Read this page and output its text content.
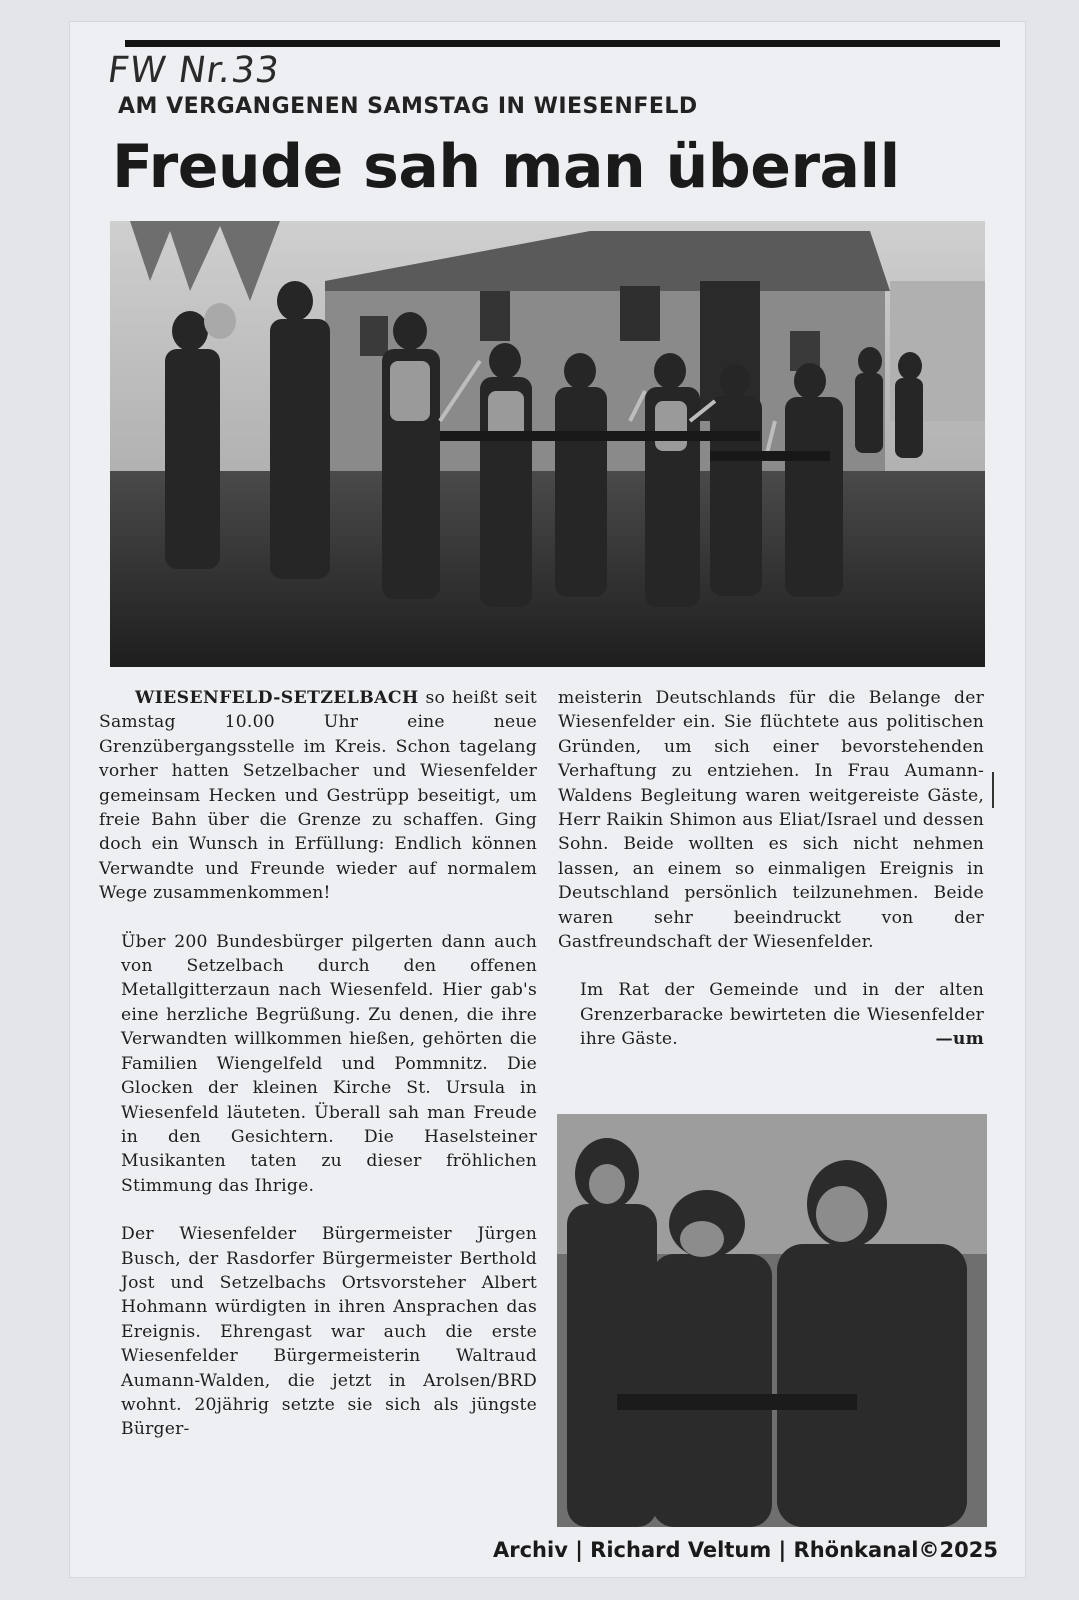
FW Nr.33
AM VERGANGENEN SAMSTAG IN WIESENFELD
Freude sah man überall

WIESENFELD-SETZELBACH so heißt seit Samstag 10.00 Uhr eine neue Grenzübergangsstelle im Kreis. Schon tagelang vorher hatten Setzelbacher und Wiesenfelder gemeinsam Hecken und Gestrüpp beseitigt, um freie Bahn über die Grenze zu schaffen. Ging doch ein Wunsch in Erfüllung: Endlich können Verwandte und Freunde wieder auf normalem Wege zusammenkommen!

Über 200 Bundesbürger pilgerten dann auch von Setzelbach durch den offenen Metallgitterzaun nach Wiesenfeld. Hier gab's eine herzliche Begrüßung. Zu denen, die ihre Verwandten willkommen hießen, gehörten die Familien Wiengelfeld und Pommnitz. Die Glocken der kleinen Kirche St. Ursula in Wiesenfeld läuteten. Überall sah man Freude in den Gesichtern. Die Haselsteiner Musikanten taten zu dieser fröhlichen Stimmung das Ihrige.

Der Wiesenfelder Bürgermeister Jürgen Busch, der Rasdorfer Bürgermeister Berthold Jost und Setzelbachs Ortsvorsteher Albert Hohmann würdigten in ihren Ansprachen das Ereignis. Ehrengast war auch die erste Wiesenfelder Bürgermeisterin Waltraud Aumann-Walden, die jetzt in Arolsen/BRD wohnt. 20jährig setzte sie sich als jüngste Bürger-

meisterin Deutschlands für die Belange der Wiesenfelder ein. Sie flüchtete aus politischen Gründen, um sich einer bevorstehenden Verhaftung zu entziehen. In Frau Aumann-Waldens Begleitung waren weitgereiste Gäste, Herr Raikin Shimon aus Eliat/Israel und dessen Sohn. Beide wollten es sich nicht nehmen lassen, an einem so einmaligen Ereignis in Deutschland persönlich teilzunehmen. Beide waren sehr beeindruckt von der Gastfreundschaft der Wiesenfelder.

Im Rat der Gemeinde und in der alten Grenzerbaracke bewirteten die Wiesenfelder ihre Gäste.	—um

Archiv | Richard Veltum | Rhönkanal©2025
